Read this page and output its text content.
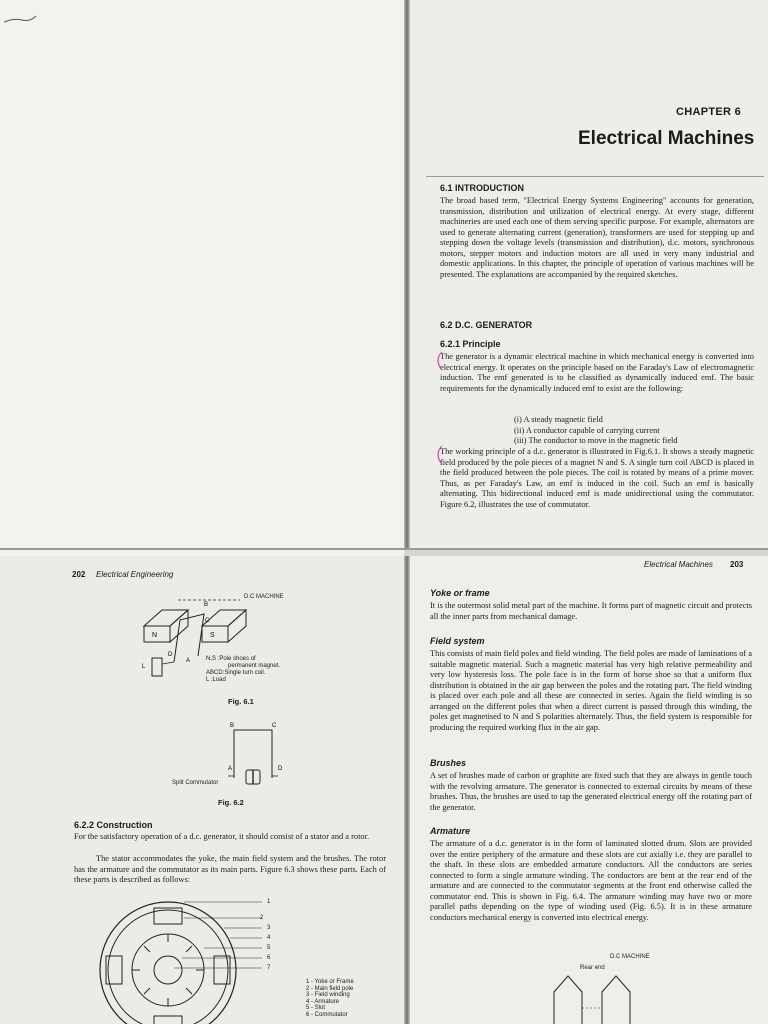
CHAPTER 6
Electrical Machines
6.1 INTRODUCTION
The broad based term, "Electrical Energy Systems Engineering" accounts for generation, transmission, distribution and utilization of electrical energy. At every stage, different machineries are used each one of them serving specific purpose. For example, alternators are used to generate alternating current (generation), transformers are used for stepping up and stepping down the voltage levels (transmission and distribution), d.c. motors, synchronous motors, stepper motors and induction motors are all used in very many industrial and domestic applications. In this chapter, the principle of operation of various machines will be presented. The explanations are accompanied by the required sketches.
6.2 D.C. GENERATOR
6.2.1 Principle
The generator is a dynamic electrical machine in which mechanical energy is converted into electrical energy. It operates on the principle based on the Faraday's Law of electromagnetic induction. The emf generated is to be classified as dynamically induced emf. The basic requirements for the dynamically induced emf to exist are the following:
(i) A steady magnetic field
(ii) A conductor capable of carrying current
(iii) The conductor to move in the magnetic field
The working principle of a d.c. generator is illustrated in Fig.6.1. It shows a steady magnetic field produced by the pole pieces of a magnet N and S. A single turn coil ABCD is placed in the field produced between the pole pieces. The coil is rotated by means of a prime mover. Thus, as per Faraday's Law, an emf is induced in the coil. Such an emf is basically alternating. This bidirectional induced emf is made unidirectional using the commutator. Figure 6.2, illustrates the use of commutator.
202 Electrical Engineering
N	S
B
C
D
A
L
D.C MACHINE
N,S :Pole shoes of
permanent magnet.
ABCD:Single turn coil.
L :Load
Fig. 6.1
B	C
A	D
Split Commutator
Fig. 6.2
6.2.2 Construction
For the satisfactory operation of a d.c. generator, it should consist of a stator and a rotor.
The stator accommodates the yoke, the main field system and the brushes. The rotor has the armature and the commutator as its main parts. Figure 6.3 shows these parts. Each of these parts is described as follows:
1
2
3
4
5
6
7
1 - Yoke or Frame
2 - Main field pole
3 - Field winding
4 - Armature
5 - Slot
6 - Commutator
Electrical Machines 203
Yoke or frame
It is the outermost solid metal part of the machine. It forms part of magnetic circuit and protects all the inner parts from mechanical damage.
Field system
This consists of main field poles and field winding. The field poles are made of laminations of a suitable magnetic material. Such a magnetic material has very high relative permeability and very low hysteresis loss. The pole face is in the form of horse shoe so that a uniform flux distribution is obtained in the air gap between the poles and the rotating part. The field winding is placed over each pole and all these are connected in series. Again the field winding is so arranged on the different poles that when a direct current is passed through this winding, the poles get magnetised to N and S polarities alternately. Thus, the field system is responsible for producing the required working flux in the air gap.
Brushes
A set of brushes made of carbon or graphite are fixed such that they are always in gentle touch with the revolving armature. The generator is connected to external circuits by means of these brushes. Thus, the brushes are used to tap the generated electrical energy off the rotating part of the generator.
Armature
The armature of a d.c. generator is in the form of laminated slotted drum. Slots are provided over the entire periphery of the armature and these slots are cut axially i.e. they are parallel to the shaft. In these slots are embedded armature conductors. All the conductors are series connected to form a single armature winding. The conductors are bent at the rear end of the armature and are connected to the commutator segments at the front end otherwise called the commutator end. This is shown in Fig. 6.4. The armature winding may have two or more parallel paths depending on the type of winding used (Fig. 6.5). It is in these armature conductors mechanical energy is converted into electrical energy.
D.C MACHINE
Rear end
